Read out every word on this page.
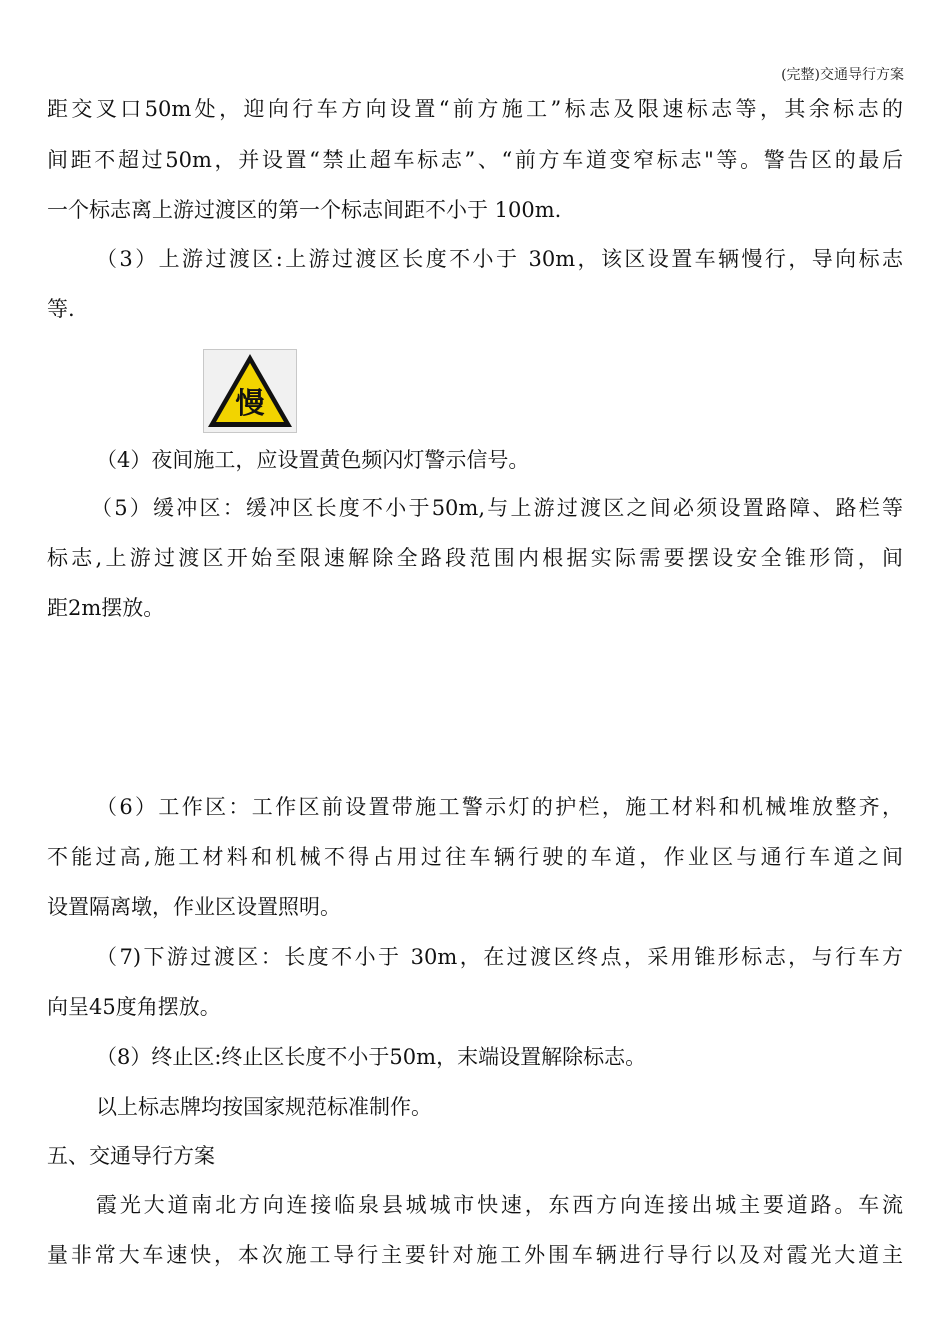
(完整)交通导行方案
距交叉口50m处，迎向行车方向设置“前方施工”标志及限速标志等，其余标志的
间距不超过50m，并设置“禁止超车标志”、“前方车道变窄标志"等。警告区的最后
一个标志离上游过渡区的第一个标志间距不小于 100m.
（3）上游过渡区:上游过渡区长度不小于 30m，该区设置车辆慢行，导向标志
等.
慢
（4）夜间施工，应设置黄色频闪灯警示信号。
（5）缓冲区：缓冲区长度不小于50m,与上游过渡区之间必须设置路障、路栏等
标志,上游过渡区开始至限速解除全路段范围内根据实际需要摆设安全锥形筒，间
距2m摆放。
（6）工作区：工作区前设置带施工警示灯的护栏，施工材料和机械堆放整齐，
不能过高,施工材料和机械不得占用过往车辆行驶的车道，作业区与通行车道之间
设置隔离墩，作业区设置照明。
（7)下游过渡区：长度不小于 30m，在过渡区终点，采用锥形标志，与行车方
向呈45度角摆放。
（8）终止区:终止区长度不小于50m，末端设置解除标志。
以上标志牌均按国家规范标准制作。
五、交通导行方案
霞光大道南北方向连接临泉县城城市快速，东西方向连接出城主要道路。车流
量非常大车速快，本次施工导行主要针对施工外围车辆进行导行以及对霞光大道主
